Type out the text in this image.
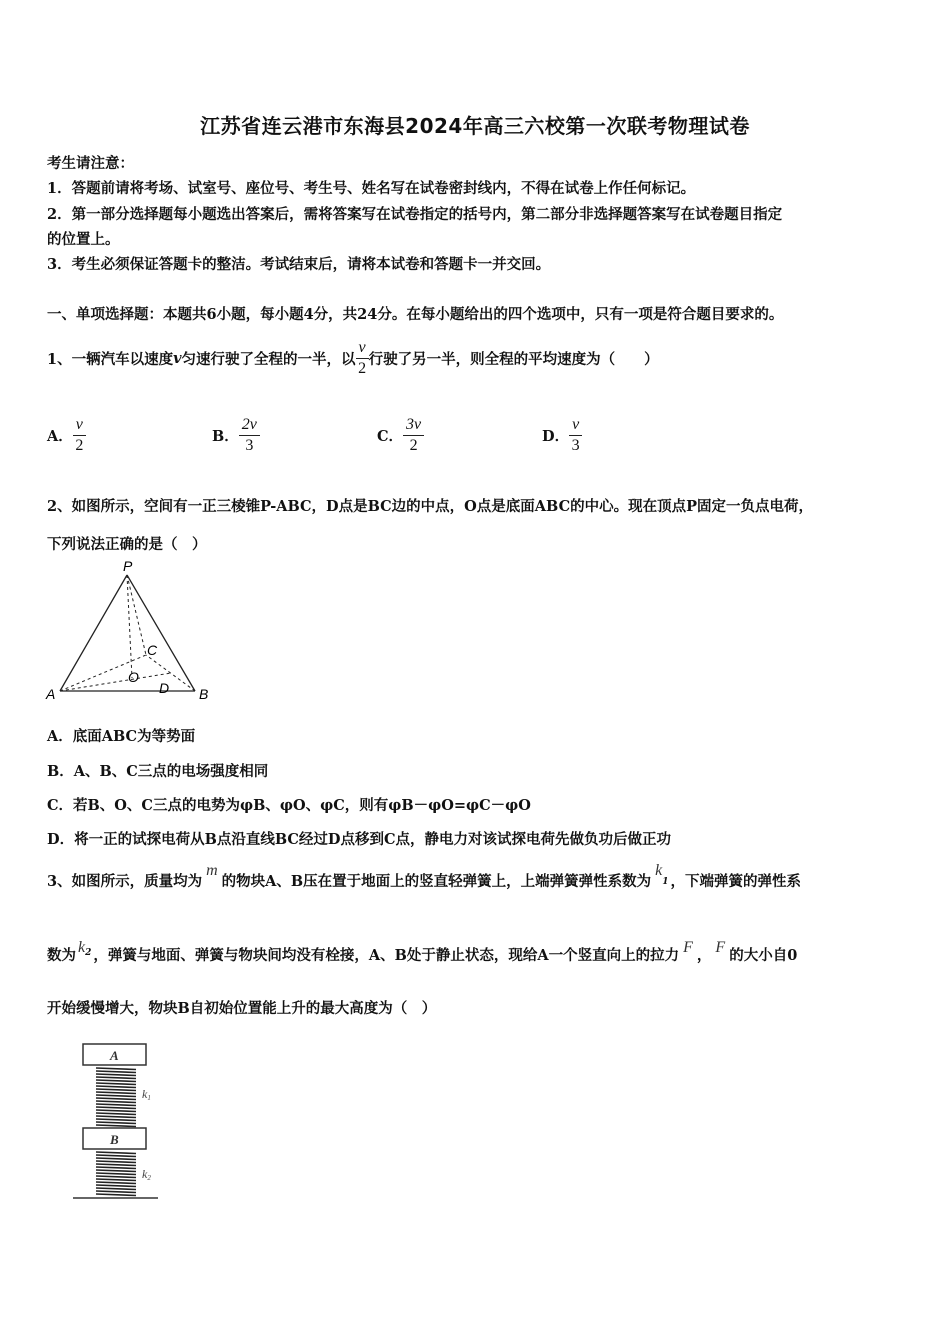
江苏省连云港市东海县2024年高三六校第一次联考物理试卷
考生请注意：
1．答题前请将考场、试室号、座位号、考生号、姓名写在试卷密封线内，不得在试卷上作任何标记。
2．第一部分选择题每小题选出答案后，需将答案写在试卷指定的括号内，第二部分非选择题答案写在试卷题目指定
的位置上。
3．考生必须保证答题卡的整洁。考试结束后，请将本试卷和答题卡一并交回。
一、单项选择题：本题共6小题，每小题4分，共24分。在每小题给出的四个选项中，只有一项是符合题目要求的。
1、一辆汽车以速度 v 匀速行驶了全程的一半，以 $\frac{v}{2}$ 行驶了另一半，则全程的平均速度为（　　）
A． $\frac{v}{2}$	B． $\frac{2v}{3}$	C． $\frac{3v}{2}$	D． $\frac{v}{3}$
2、如图所示，空间有一正三棱锥P-ABC，D点是BC边的中点，O点是底面ABC的中心。现在顶点P固定一负点电荷，
下列说法正确的是（　）
P
A	B
C
O
D
A．底面ABC为等势面
B．A、B、C三点的电场强度相同
C．若B、O、C三点的电势为φB、φO、φC，则有φB－φO=φC－φO
D．将一正的试探电荷从B点沿直线BC经过D点移到C点，静电力对该试探电荷先做负功后做正功
3、如图所示，质量均为
m
的物块A、B压在置于地面上的竖直轻弹簧上，上端弹簧弹性系数为
k
1 ，下端弹簧的弹性系
数为 k 2 ，弹簧与地面、弹簧与物块间均没有栓接，A、B处于静止状态，现给A一个竖直向上的拉力 F ， F 的大小自0
开始缓慢增大，物块B自初始位置能上升的最大高度为（　）
A
k1
B
k2
